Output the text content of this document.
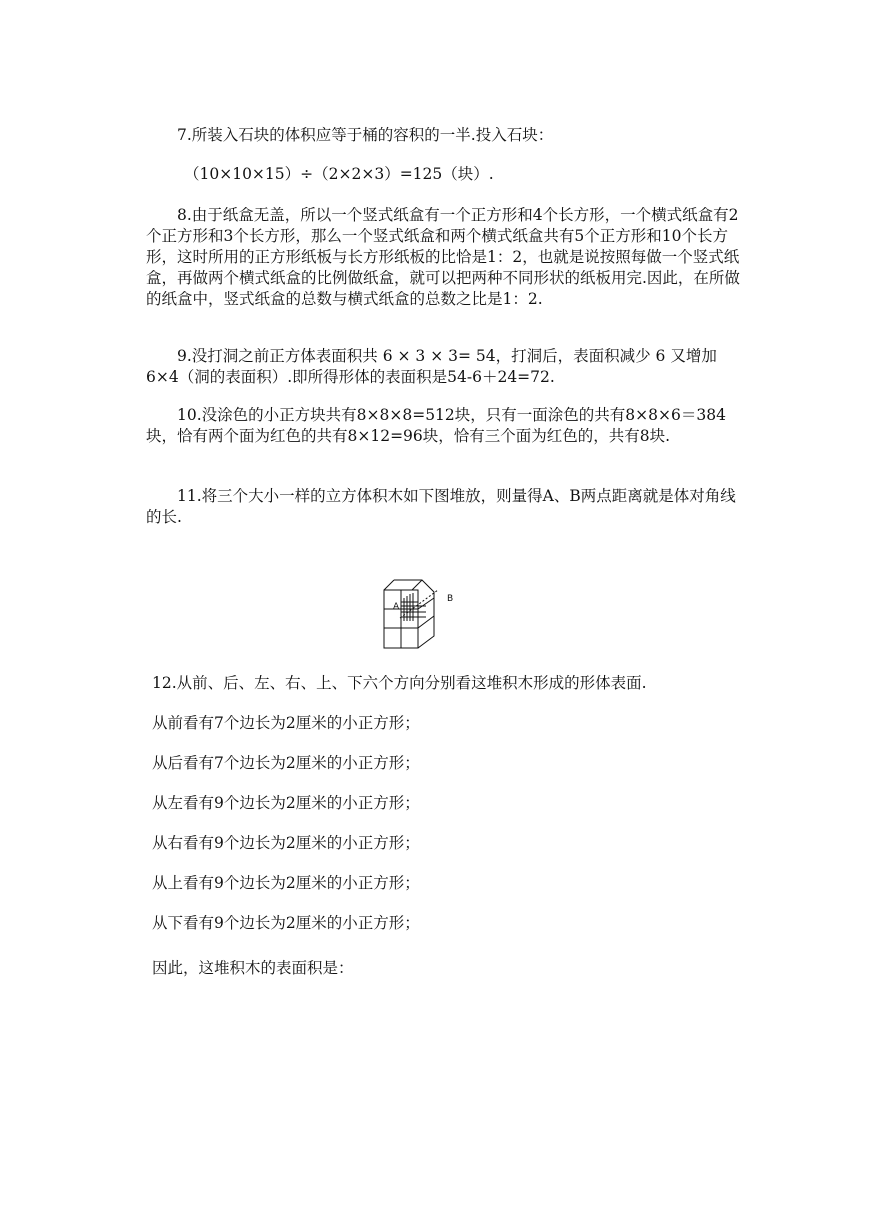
7.所装入石块的体积应等于桶的容积的一半.投入石块：

（10×10×15）÷（2×2×3）=125（块）.

8.由于纸盒无盖，所以一个竖式纸盒有一个正方形和4个长方形，一个横式纸盒有2个正方形和3个长方形，那么一个竖式纸盒和两个横式纸盒共有5个正方形和10个长方形，这时所用的正方形纸板与长方形纸板的比恰是1：2，也就是说按照每做一个竖式纸盒，再做两个横式纸盒的比例做纸盒，就可以把两种不同形状的纸板用完.因此，在所做的纸盒中，竖式纸盒的总数与横式纸盒的总数之比是1：2.

9.没打洞之前正方体表面积共 6 × 3 × 3= 54，打洞后，表面积减少 6 又增加 6×4（洞的表面积）.即所得形体的表面积是54-6＋24=72.

10.没涂色的小正方块共有8×8×8=512块，只有一面涂色的共有8×8×6＝384块，恰有两个面为红色的共有8×12=96块，恰有三个面为红色的，共有8块.

11.将三个大小一样的立方体积木如下图堆放，则量得A、B两点距离就是体对角线的长.

A
B

12.从前、后、左、右、上、下六个方向分别看这堆积木形成的形体表面.

从前看有7个边长为2厘米的小正方形；

从后看有7个边长为2厘米的小正方形；

从左看有9个边长为2厘米的小正方形；

从右看有9个边长为2厘米的小正方形；

从上看有9个边长为2厘米的小正方形；

从下看有9个边长为2厘米的小正方形；

因此，这堆积木的表面积是：
